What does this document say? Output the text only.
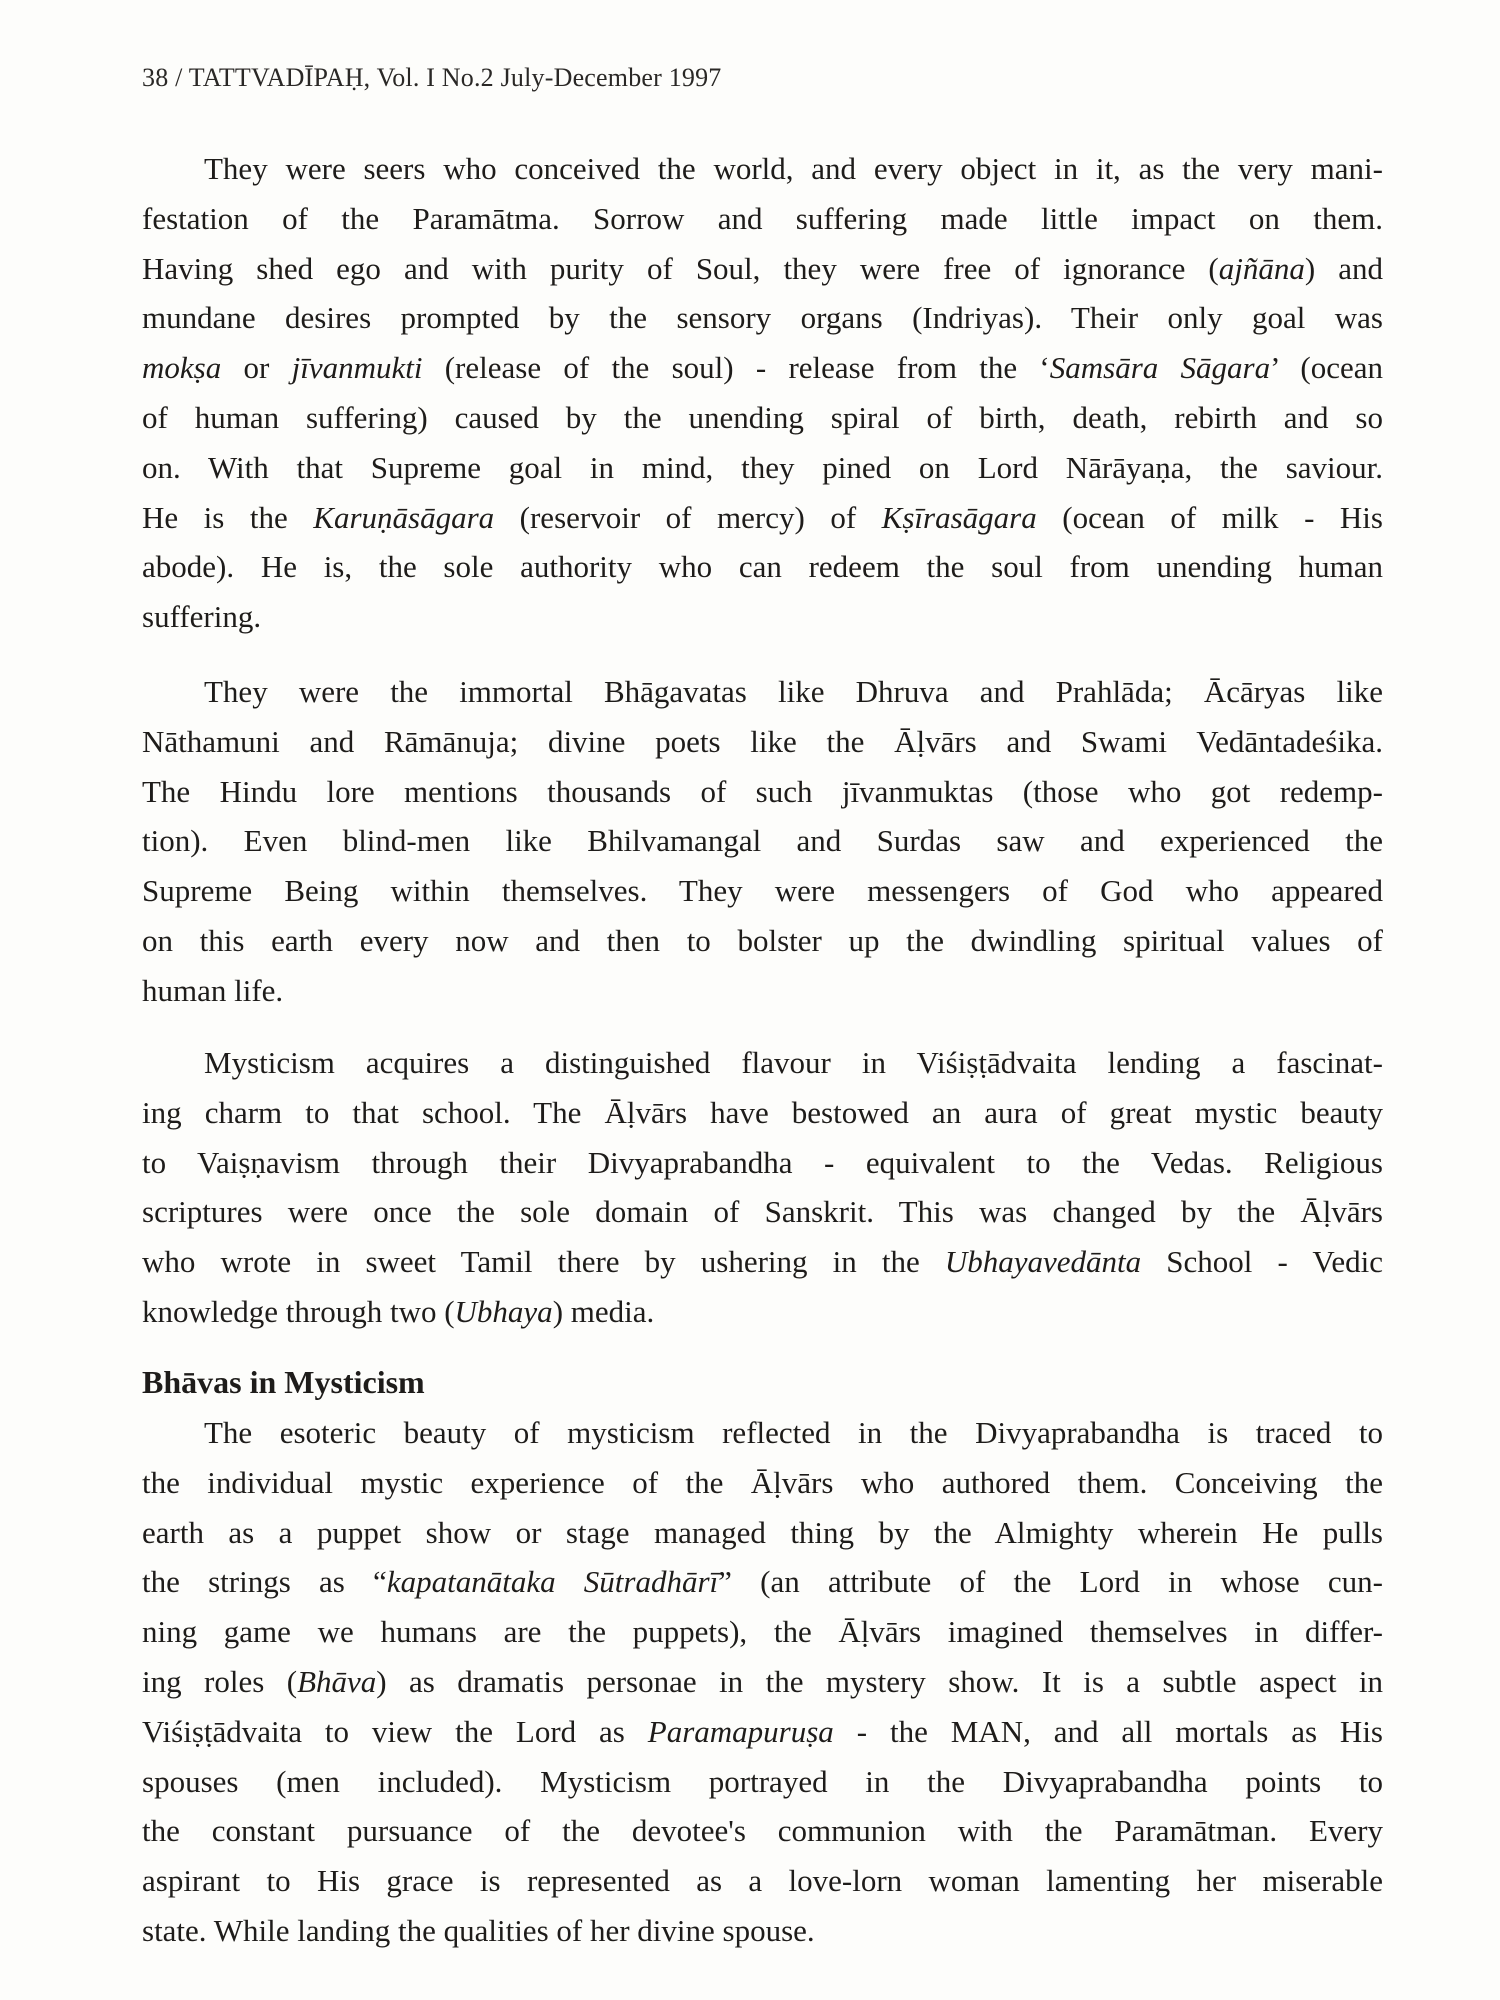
38 / TATTVADĪPAḤ, Vol. I No.2 July-December 1997
They were seers who conceived the world, and every object in it, as the very mani-
festation of the Paramātma. Sorrow and suffering made little impact on them.
Having shed ego and with purity of Soul, they were free of ignorance (ajñāna) and
mundane desires prompted by the sensory organs (Indriyas). Their only goal was
mokṣa or jīvanmukti (release of the soul) - release from the ‘Samsāra Sāgara’ (ocean
of human suffering) caused by the unending spiral of birth, death, rebirth and so
on. With that Supreme goal in mind, they pined on Lord Nārāyaṇa, the saviour.
He is the Karuṇāsāgara (reservoir of mercy) of Kṣīrasāgara (ocean of milk - His
abode). He is, the sole authority who can redeem the soul from unending human
suffering.
They were the immortal Bhāgavatas like Dhruva and Prahlāda; Ācāryas like
Nāthamuni and Rāmānuja; divine poets like the Āḷvārs and Swami Vedāntadeśika.
The Hindu lore mentions thousands of such jīvanmuktas (those who got redemp-
tion). Even blind-men like Bhilvamangal and Surdas saw and experienced the
Supreme Being within themselves. They were messengers of God who appeared
on this earth every now and then to bolster up the dwindling spiritual values of
human life.
Mysticism acquires a distinguished flavour in Viśiṣṭādvaita lending a fascinat-
ing charm to that school. The Āḷvārs have bestowed an aura of great mystic beauty
to Vaiṣṇavism through their Divyaprabandha - equivalent to the Vedas. Religious
scriptures were once the sole domain of Sanskrit. This was changed by the Āḷvārs
who wrote in sweet Tamil there by ushering in the Ubhayavedānta School - Vedic
knowledge through two (Ubhaya) media.
Bhāvas in Mysticism
The esoteric beauty of mysticism reflected in the Divyaprabandha is traced to
the individual mystic experience of the Āḷvārs who authored them. Conceiving the
earth as a puppet show or stage managed thing by the Almighty wherein He pulls
the strings as “kapatanātaka Sūtradhārī” (an attribute of the Lord in whose cun-
ning game we humans are the puppets), the Āḷvārs imagined themselves in differ-
ing roles (Bhāva) as dramatis personae in the mystery show. It is a subtle aspect in
Viśiṣṭādvaita to view the Lord as Paramapuruṣa - the MAN, and all mortals as His
spouses (men included). Mysticism portrayed in the Divyaprabandha points to
the constant pursuance of the devotee's communion with the Paramātman. Every
aspirant to His grace is represented as a love-lorn woman lamenting her miserable
state. While landing the qualities of her divine spouse.
